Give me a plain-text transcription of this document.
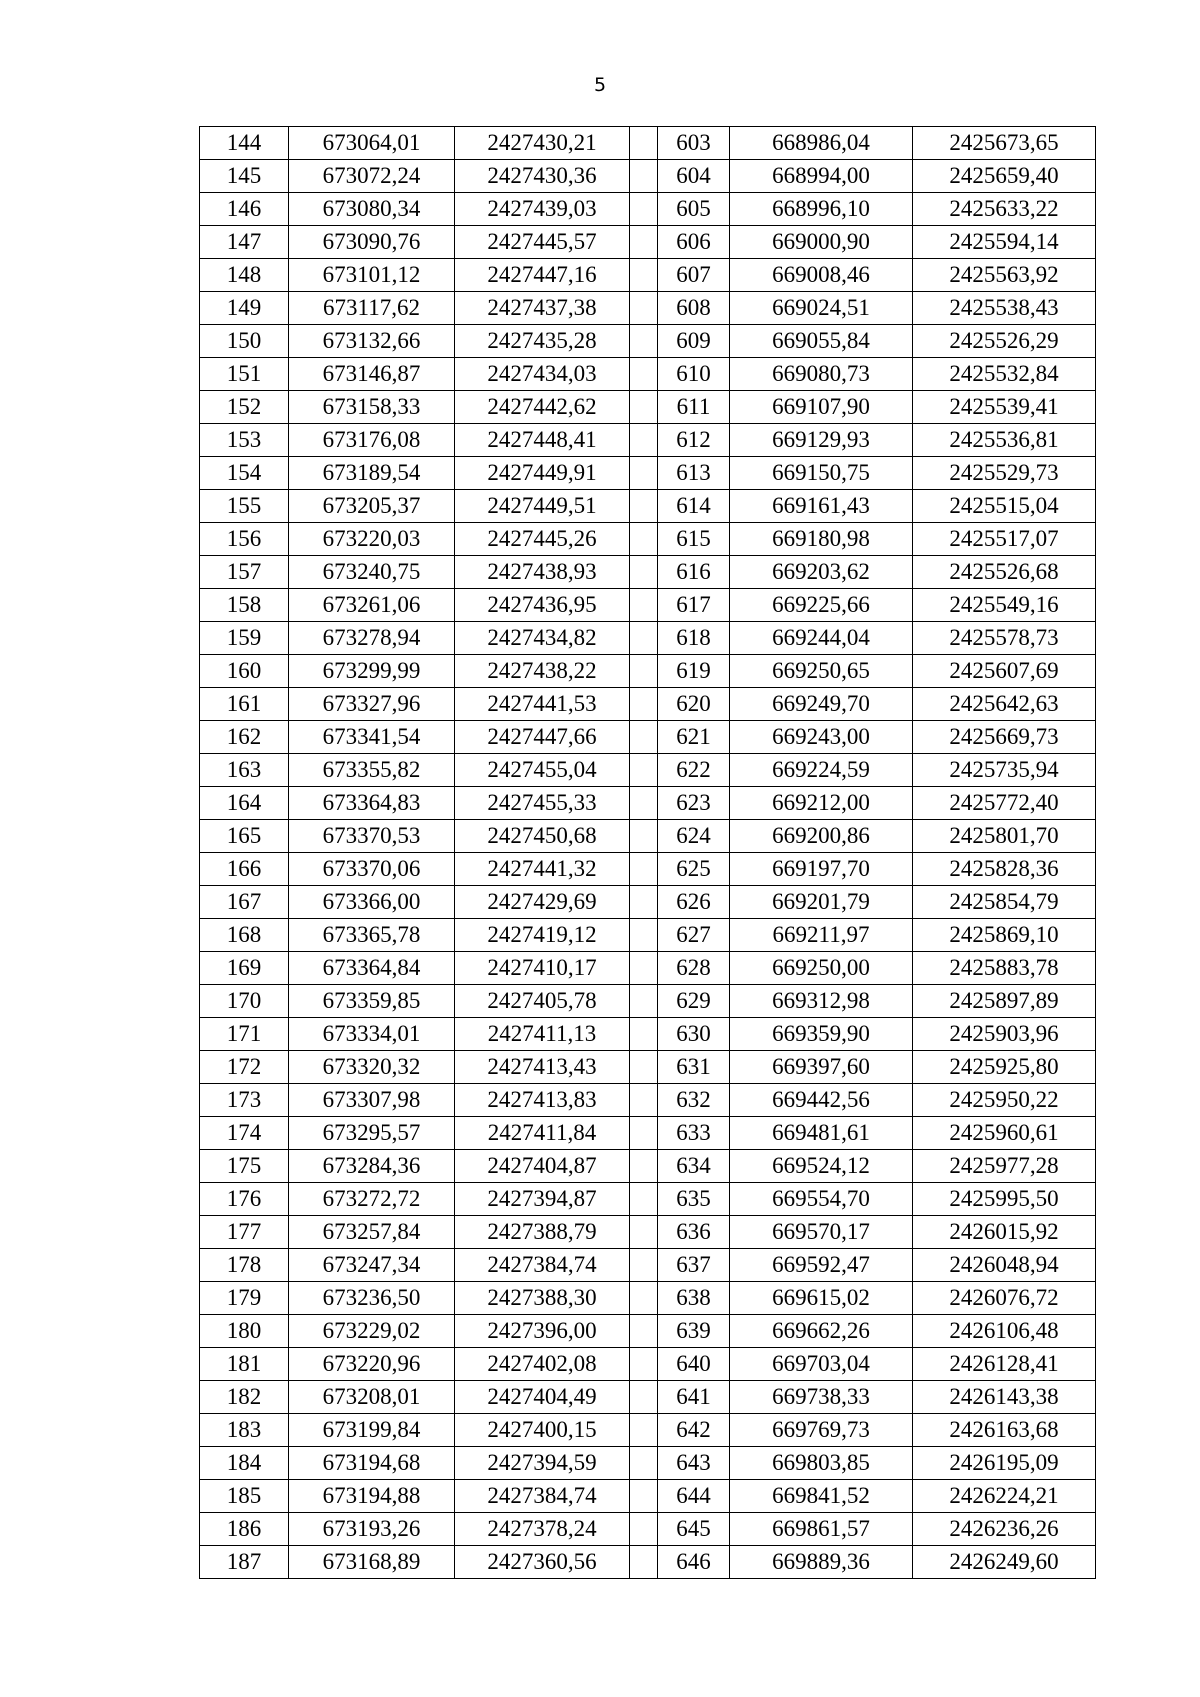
5
144	673064,01	2427430,21		603	668986,04	2425673,65
145	673072,24	2427430,36		604	668994,00	2425659,40
146	673080,34	2427439,03		605	668996,10	2425633,22
147	673090,76	2427445,57		606	669000,90	2425594,14
148	673101,12	2427447,16		607	669008,46	2425563,92
149	673117,62	2427437,38		608	669024,51	2425538,43
150	673132,66	2427435,28		609	669055,84	2425526,29
151	673146,87	2427434,03		610	669080,73	2425532,84
152	673158,33	2427442,62		611	669107,90	2425539,41
153	673176,08	2427448,41		612	669129,93	2425536,81
154	673189,54	2427449,91		613	669150,75	2425529,73
155	673205,37	2427449,51		614	669161,43	2425515,04
156	673220,03	2427445,26		615	669180,98	2425517,07
157	673240,75	2427438,93		616	669203,62	2425526,68
158	673261,06	2427436,95		617	669225,66	2425549,16
159	673278,94	2427434,82		618	669244,04	2425578,73
160	673299,99	2427438,22		619	669250,65	2425607,69
161	673327,96	2427441,53		620	669249,70	2425642,63
162	673341,54	2427447,66		621	669243,00	2425669,73
163	673355,82	2427455,04		622	669224,59	2425735,94
164	673364,83	2427455,33		623	669212,00	2425772,40
165	673370,53	2427450,68		624	669200,86	2425801,70
166	673370,06	2427441,32		625	669197,70	2425828,36
167	673366,00	2427429,69		626	669201,79	2425854,79
168	673365,78	2427419,12		627	669211,97	2425869,10
169	673364,84	2427410,17		628	669250,00	2425883,78
170	673359,85	2427405,78		629	669312,98	2425897,89
171	673334,01	2427411,13		630	669359,90	2425903,96
172	673320,32	2427413,43		631	669397,60	2425925,80
173	673307,98	2427413,83		632	669442,56	2425950,22
174	673295,57	2427411,84		633	669481,61	2425960,61
175	673284,36	2427404,87		634	669524,12	2425977,28
176	673272,72	2427394,87		635	669554,70	2425995,50
177	673257,84	2427388,79		636	669570,17	2426015,92
178	673247,34	2427384,74		637	669592,47	2426048,94
179	673236,50	2427388,30		638	669615,02	2426076,72
180	673229,02	2427396,00		639	669662,26	2426106,48
181	673220,96	2427402,08		640	669703,04	2426128,41
182	673208,01	2427404,49		641	669738,33	2426143,38
183	673199,84	2427400,15		642	669769,73	2426163,68
184	673194,68	2427394,59		643	669803,85	2426195,09
185	673194,88	2427384,74		644	669841,52	2426224,21
186	673193,26	2427378,24		645	669861,57	2426236,26
187	673168,89	2427360,56		646	669889,36	2426249,60
